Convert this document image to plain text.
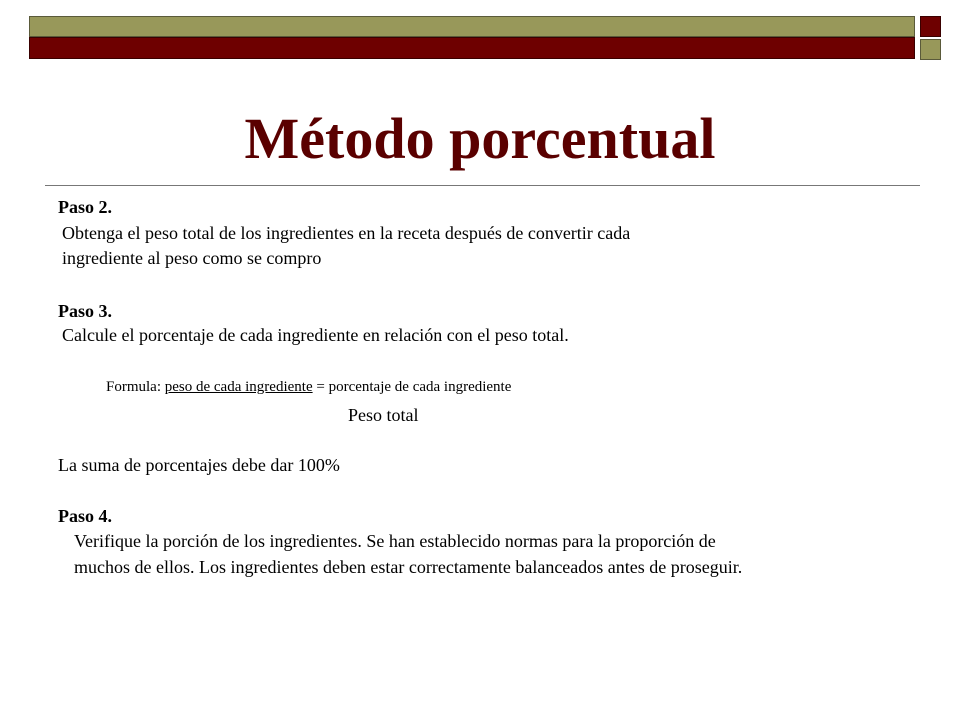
Método porcentual
Paso 2.
Obtenga el peso total de los ingredientes en la receta después de convertir cada
ingrediente al peso como se compro
Paso 3.
Calcule el porcentaje de cada ingrediente en relación con el peso total.
Formula: peso de cada ingrediente = porcentaje de cada ingrediente
Peso total
La suma de porcentajes debe dar 100%
Paso 4.
Verifique la porción de los ingredientes. Se han establecido normas para la proporción de
muchos de ellos. Los ingredientes deben estar correctamente balanceados antes de proseguir.
